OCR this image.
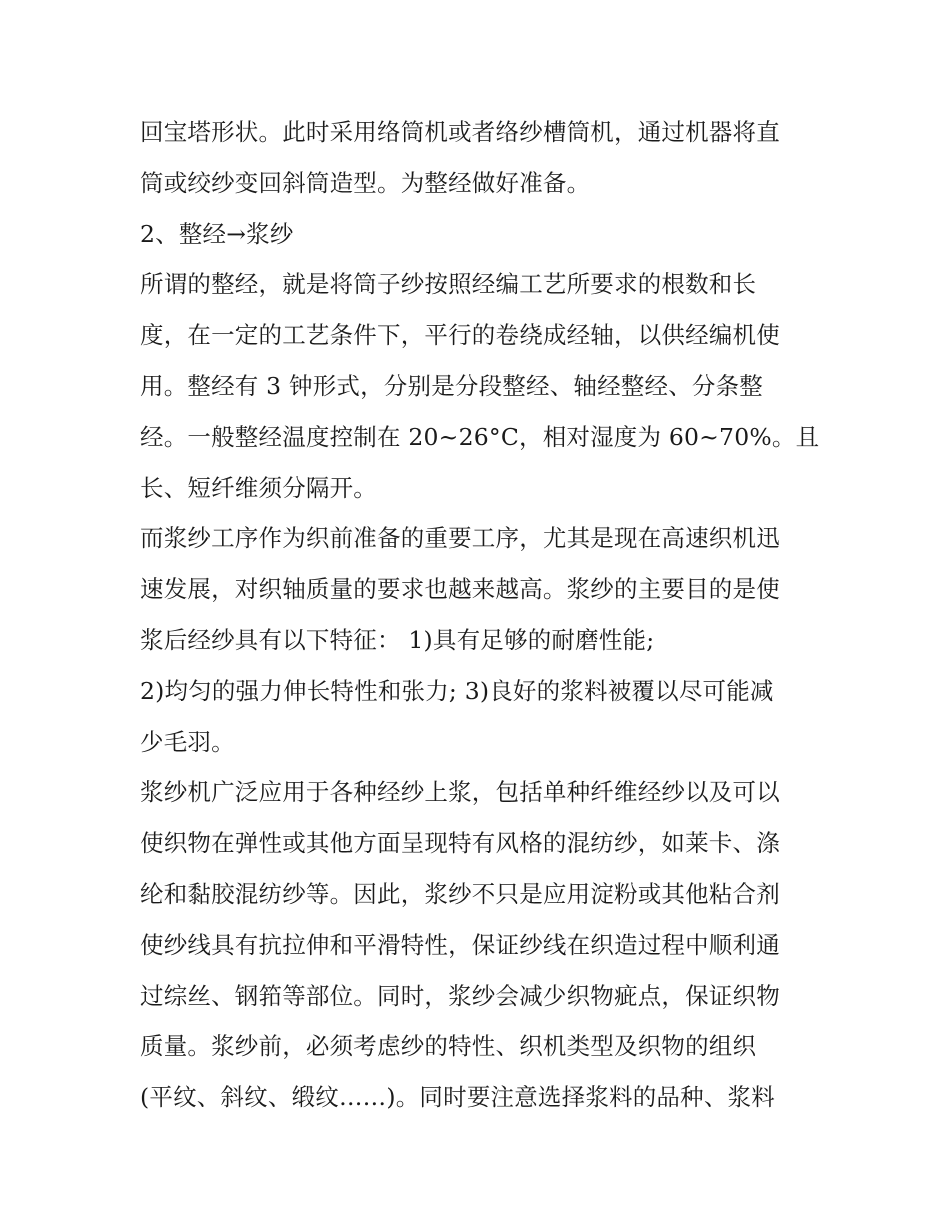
回宝塔形状。此时采用络筒机或者络纱槽筒机，通过机器将直
筒或绞纱变回斜筒造型。为整经做好准备。
2、整经→浆纱
所谓的整经，就是将筒子纱按照经编工艺所要求的根数和长
度，在一定的工艺条件下，平行的卷绕成经轴，以供经编机使
用。整经有 3 钟形式，分别是分段整经、轴经整经、分条整
经。一般整经温度控制在 20~26°C，相对湿度为 60~70%。且
长、短纤维须分隔开。
而浆纱工序作为织前准备的重要工序，尤其是现在高速织机迅
速发展，对织轴质量的要求也越来越高。浆纱的主要目的是使
浆后经纱具有以下特征： 1)具有足够的耐磨性能;
2)均匀的强力伸长特性和张力; 3)良好的浆料被覆以尽可能减
少毛羽。
浆纱机广泛应用于各种经纱上浆，包括单种纤维经纱以及可以
使织物在弹性或其他方面呈现特有风格的混纺纱，如莱卡、涤
纶和黏胶混纺纱等。因此，浆纱不只是应用淀粉或其他粘合剂
使纱线具有抗拉伸和平滑特性，保证纱线在织造过程中顺利通
过综丝、钢筘等部位。同时，浆纱会减少织物疵点，保证织物
质量。浆纱前，必须考虑纱的特性、织机类型及织物的组织
(平纹、斜纹、缎纹……)。同时要注意选择浆料的品种、浆料
